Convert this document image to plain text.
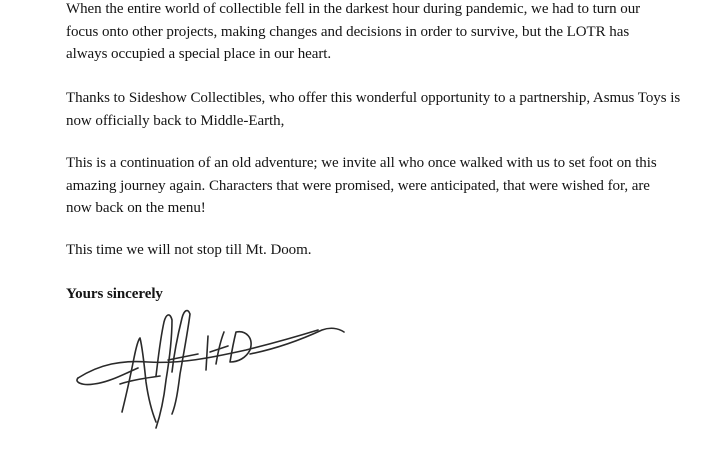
When the entire world of collectible fell in the darkest hour during pandemic, we had to turn our focus onto other projects, making changes and decisions in order to survive, but the LOTR has always occupied a special place in our heart.

Thanks to Sideshow Collectibles, who offer this wonderful opportunity to a partnership, Asmus Toys is now officially back to Middle-Earth,

This is a continuation of an old adventure; we invite all who once walked with us to set foot on this amazing journey again. Characters that were promised, were anticipated, that were wished for, are now back on the menu!

This time we will not stop till Mt. Doom.

Yours sincerely
